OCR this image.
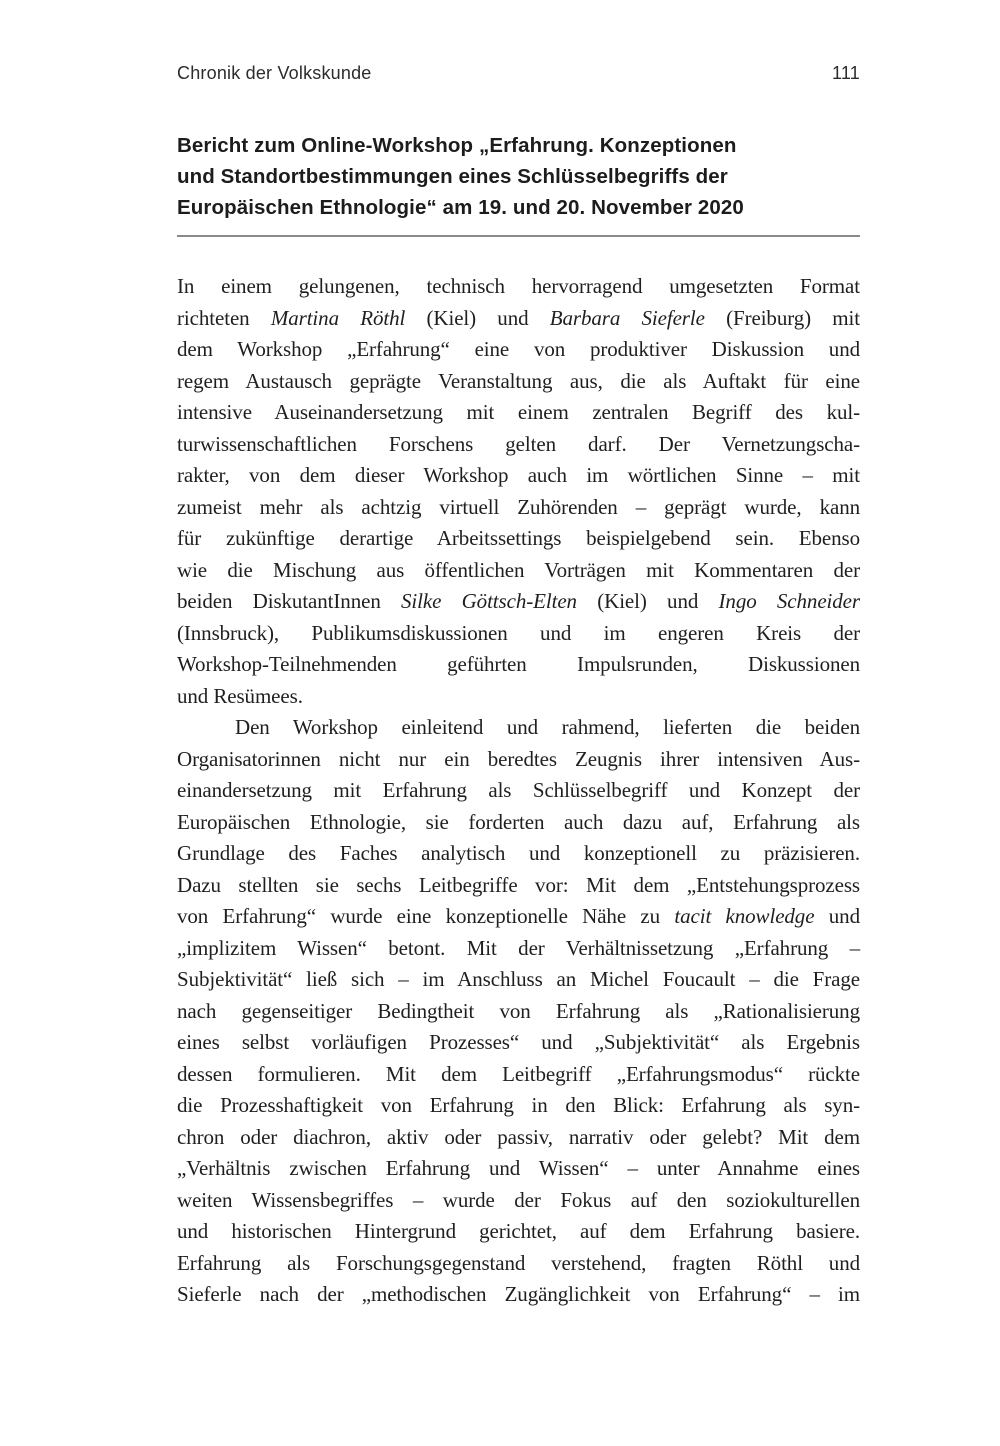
Chronik der Volkskunde	111
Bericht zum Online-Workshop „Erfahrung. Konzeptionen
und Standortbestimmungen eines Schlüsselbegriffs der
Europäischen Ethnologie“ am 19. und 20. November 2020
In einem gelungenen, technisch hervorragend umgesetzten Format
richteten Martina Röthl (Kiel) und Barbara Sieferle (Freiburg) mit
dem Workshop „Erfahrung“ eine von produktiver Diskussion und
regem Austausch geprägte Veranstaltung aus, die als Auftakt für eine
intensive Auseinandersetzung mit einem zentralen Begriff des kul-
turwissenschaftlichen Forschens gelten darf. Der Vernetzungscha-
rakter, von dem dieser Workshop auch im wörtlichen Sinne – mit
zumeist mehr als achtzig virtuell Zuhörenden – geprägt wurde, kann
für zukünftige derartige Arbeitssettings beispielgebend sein. Ebenso
wie die Mischung aus öffentlichen Vorträgen mit Kommentaren der
beiden DiskutantInnen Silke Göttsch-Elten (Kiel) und Ingo Schneider
(Innsbruck), Publikumsdiskussionen und im engeren Kreis der
Workshop-Teilnehmenden geführten Impulsrunden, Diskussionen
und Resümees.
Den Workshop einleitend und rahmend, lieferten die beiden
Organisatorinnen nicht nur ein beredtes Zeugnis ihrer intensiven Aus-
einandersetzung mit Erfahrung als Schlüsselbegriff und Konzept der
Europäischen Ethnologie, sie forderten auch dazu auf, Erfahrung als
Grundlage des Faches analytisch und konzeptionell zu präzisieren.
Dazu stellten sie sechs Leitbegriffe vor: Mit dem „Entstehungsprozess
von Erfahrung“ wurde eine konzeptionelle Nähe zu tacit knowledge und
„implizitem Wissen“ betont. Mit der Verhältnissetzung „Erfahrung –
Subjektivität“ ließ sich – im Anschluss an Michel Foucault – die Frage
nach gegenseitiger Bedingtheit von Erfahrung als „Rationalisierung
eines selbst vorläufigen Prozesses“ und „Subjektivität“ als Ergebnis
dessen formulieren. Mit dem Leitbegriff „Erfahrungsmodus“ rückte
die Prozesshaftigkeit von Erfahrung in den Blick: Erfahrung als syn-
chron oder diachron, aktiv oder passiv, narrativ oder gelebt? Mit dem
„Verhältnis zwischen Erfahrung und Wissen“ – unter Annahme eines
weiten Wissensbegriffes – wurde der Fokus auf den soziokulturellen
und historischen Hintergrund gerichtet, auf dem Erfahrung basiere.
Erfahrung als Forschungsgegenstand verstehend, fragten Röthl und
Sieferle nach der „methodischen Zugänglichkeit von Erfahrung“ – im
